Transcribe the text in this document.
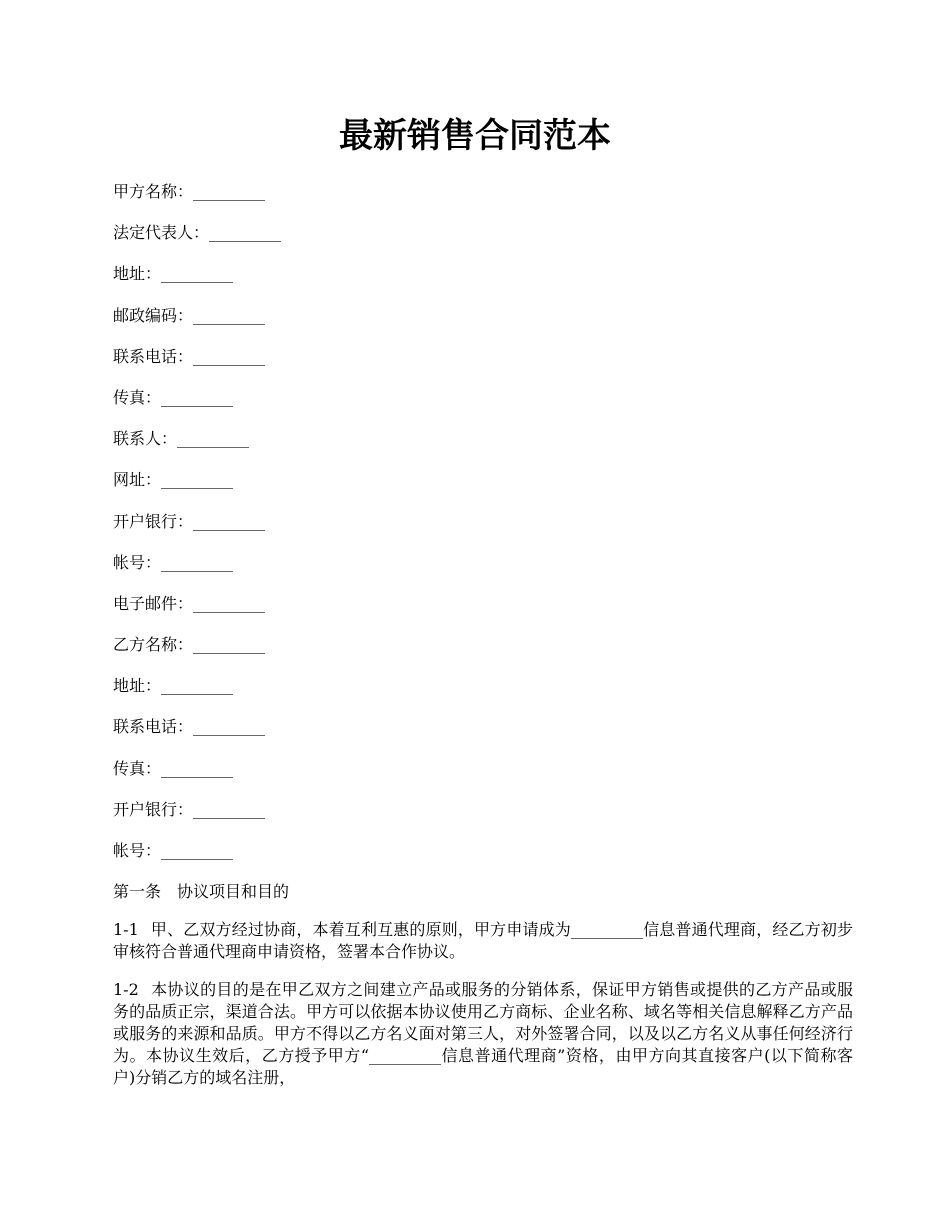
最新销售合同范本
甲方名称：_________
法定代表人：_________
地址：_________
邮政编码：_________
联系电话：_________
传真：_________
联系人：_________
网址：_________
开户银行：_________
帐号：_________
电子邮件：_________
乙方名称：_________
地址：_________
联系电话：_________
传真：_________
开户银行：_________
帐号：_________

第一条　协议项目和目的

1-1 甲、乙双方经过协商，本着互利互惠的原则，甲方申请成为_________信息普通代理商，经乙方初步审核符合普通代理商申请资格，签署本合作协议。

1-2 本协议的目的是在甲乙双方之间建立产品或服务的分销体系，保证甲方销售或提供的乙方产品或服务的品质正宗，渠道合法。甲方可以依据本协议使用乙方商标、企业名称、域名等相关信息解释乙方产品或服务的来源和品质。甲方不得以乙方名义面对第三人，对外签署合同，以及以乙方名义从事任何经济行为。本协议生效后，乙方授予甲方“_________信息普通代理商”资格，由甲方向其直接客户(以下简称客户)分销乙方的域名注册，
